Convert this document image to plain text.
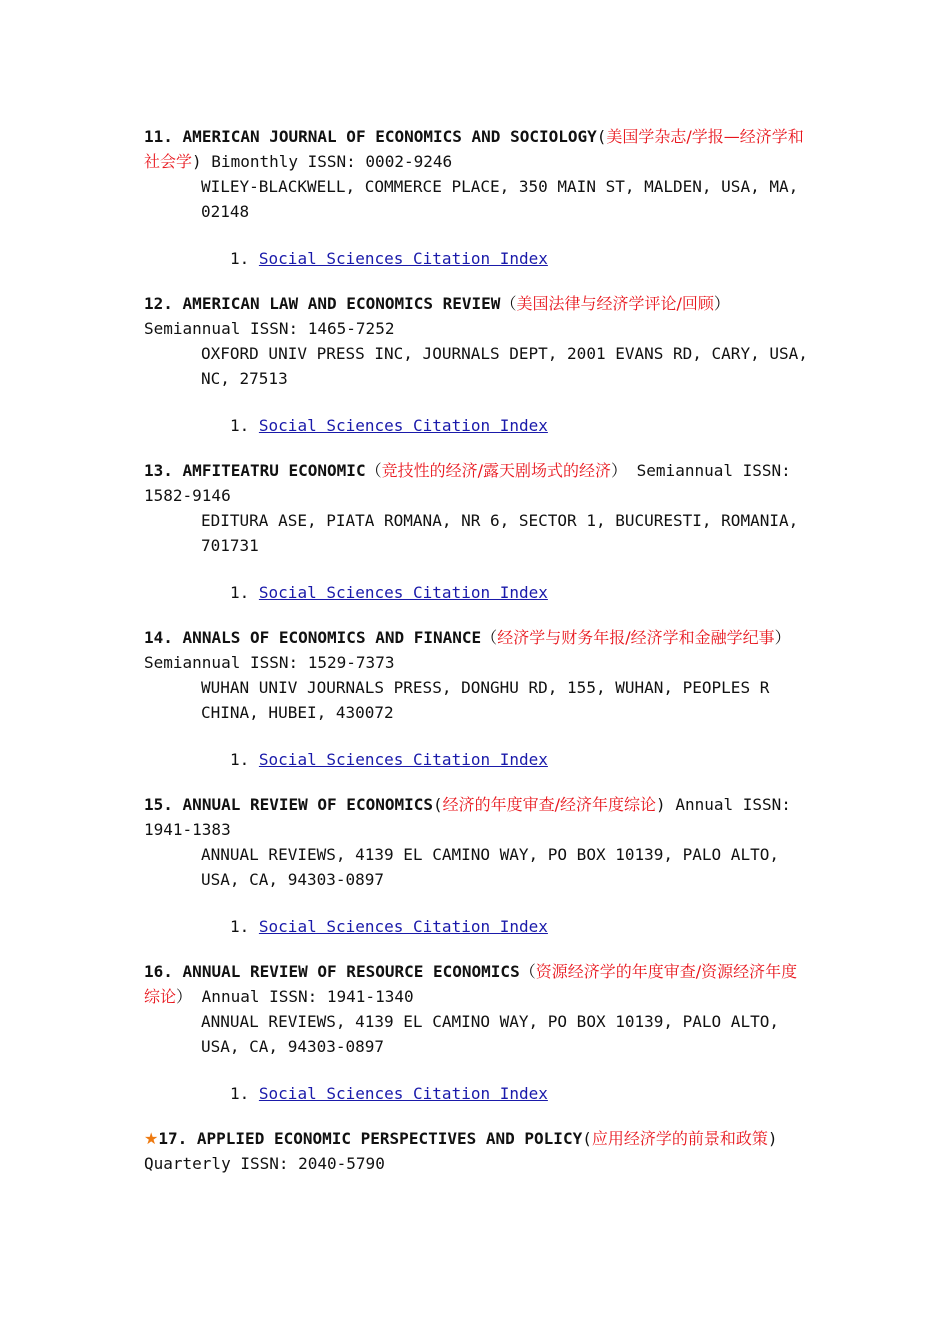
11. AMERICAN JOURNAL OF ECONOMICS AND SOCIOLOGY(美国学杂志/学报—经济学和社会学) Bimonthly ISSN: 0002-9246

WILEY-BLACKWELL, COMMERCE PLACE, 350 MAIN ST, MALDEN, USA, MA, 02148

1. Social Sciences Citation Index

12. AMERICAN LAW AND ECONOMICS REVIEW（美国法律与经济学评论/回顾）
Semiannual ISSN: 1465-7252

OXFORD UNIV PRESS INC, JOURNALS DEPT, 2001 EVANS RD, CARY, USA, NC, 27513

1. Social Sciences Citation Index

13. AMFITEATRU ECONOMIC（竞技性的经济/露天剧场式的经济） Semiannual ISSN: 1582-9146

EDITURA ASE, PIATA ROMANA, NR 6, SECTOR 1, BUCURESTI, ROMANIA, 701731

1. Social Sciences Citation Index

14. ANNALS OF ECONOMICS AND FINANCE（经济学与财务年报/经济学和金融学纪事） Semiannual ISSN: 1529-7373

WUHAN UNIV JOURNALS PRESS, DONGHU RD, 155, WUHAN, PEOPLES R CHINA, HUBEI, 430072

1. Social Sciences Citation Index

15. ANNUAL REVIEW OF ECONOMICS(经济的年度审查/经济年度综论) Annual ISSN: 1941-1383

ANNUAL REVIEWS, 4139 EL CAMINO WAY, PO BOX 10139, PALO ALTO, USA, CA, 94303-0897

1. Social Sciences Citation Index

16. ANNUAL REVIEW OF RESOURCE ECONOMICS（资源经济学的年度审查/资源经济年度综论） Annual ISSN: 1941-1340

ANNUAL REVIEWS, 4139 EL CAMINO WAY, PO BOX 10139, PALO ALTO, USA, CA, 94303-0897

1. Social Sciences Citation Index

★17. APPLIED ECONOMIC PERSPECTIVES AND POLICY(应用经济学的前景和政策)
Quarterly ISSN: 2040-5790
